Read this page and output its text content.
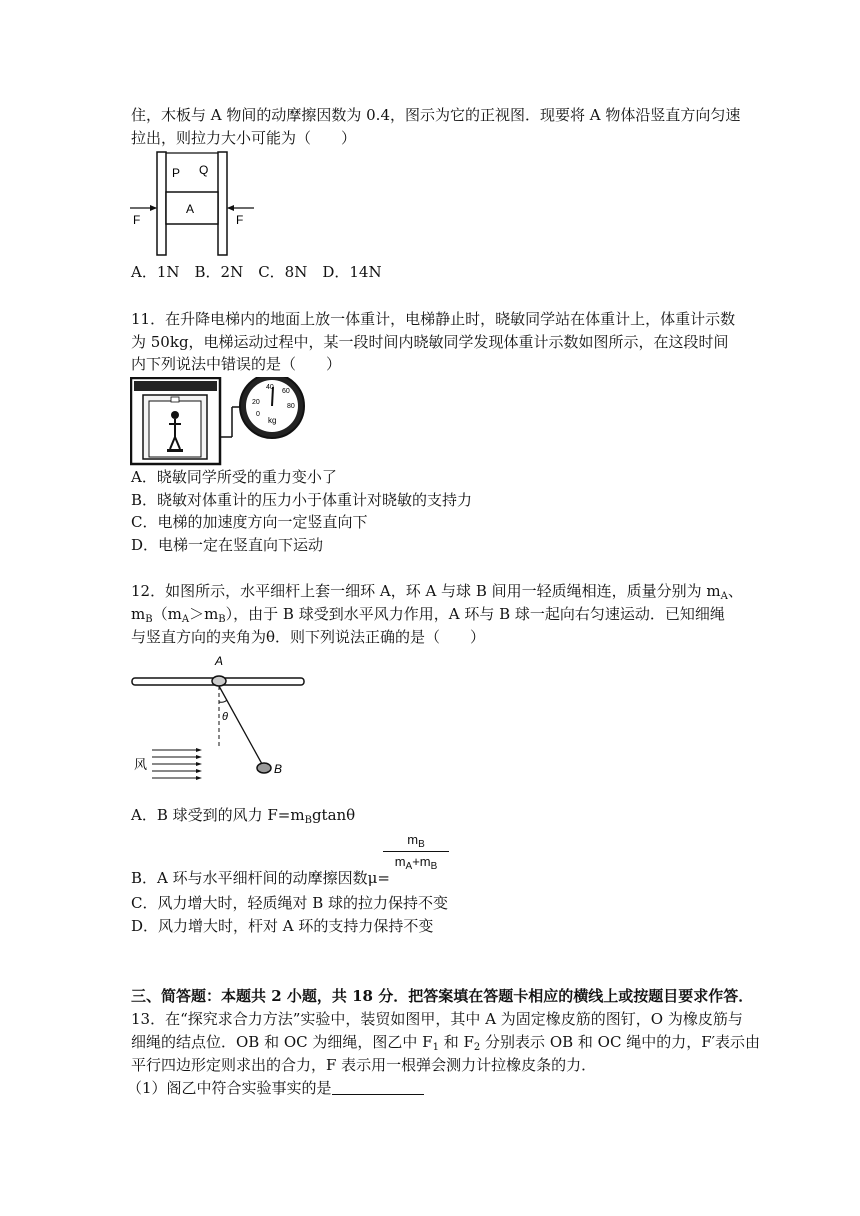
住，木板与 A 物间的动摩擦因数为 0.4，图示为它的正视图．现要将 A 物体沿竖直方向匀速
拉出，则拉力大小可能为（　　）
P Q
A
F	F
A．1N　B．2N　C．8N　D．14N
11．在升降电梯内的地面上放一体重计，电梯静止时，晓敏同学站在体重计上，体重计示数
为 50kg，电梯运动过程中，某一段时间内晓敏同学发现体重计示数如图所示，在这段时间
内下列说法中错误的是（　　）
20
40
60
80
0
kg
A．晓敏同学所受的重力变小了
B．晓敏对体重计的压力小于体重计对晓敏的支持力
C．电梯的加速度方向一定竖直向下
D．电梯一定在竖直向下运动
12．如图所示，水平细杆上套一细环 A，环 A 与球 B 间用一轻质绳相连，质量分别为 $m_A$、
$m_B(m_A>m_B)$，由于 B 球受到水平风力作用，A 环与 B 球一起向右匀速运动．已知细绳
与竖直方向的夹角为θ．则下列说法正确的是（　　）
A
θ
B
风
A．B 球受到的风力 $F=m_Bgtan\theta$
$\frac{m_B}{m_A+m_B}$
B．A 环与水平细杆间的动摩擦因数μ=
C．风力增大时，轻质绳对 B 球的拉力保持不变
D．风力增大时，杆对 A 环的支持力保持不变
三、简答题：本题共 2 小题，共 18 分．把答案填在答题卡相应的横线上或按题目要求作答．
13．在“探究求合力方法”实验中，装贸如图甲，其中 A 为固定橡皮筋的图钉，O 为橡皮筋与
细绳的结点位．OB 和 OC 为细绳，图乙中 $F_1$ 和 $F_2$ 分别表示 OB 和 OC 绳中的力，F′表示由
平行四边形定则求出的合力，F 表示用一根弹会测力计拉橡皮条的力．
（1）阁乙中符合实验事实的是
